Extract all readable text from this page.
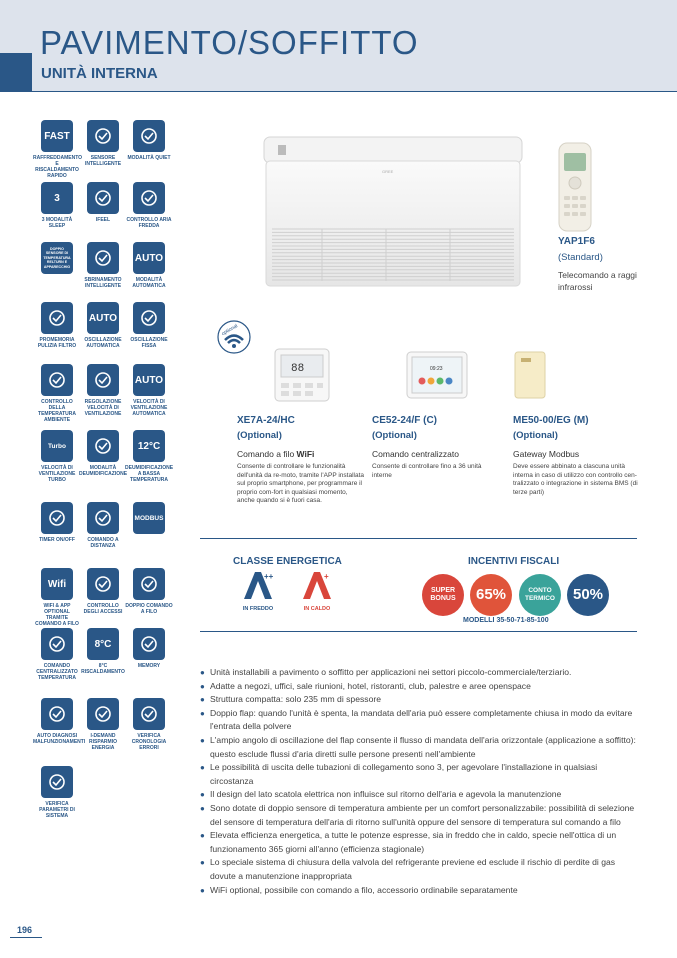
PAVIMENTO/SOFFITTO
UNITÀ INTERNA
FAST
RAFFREDDAMENTO E RISCALDAMENTO RAPIDO
SENSORE INTELLIGENTE
MODALITÀ QUIET
3
3 MODALITÀ SLEEP
IFEEL	CONTROLLO ARIA FREDDA
DOPPIO SENSORE DI TEMPERATURA RELTURN E APPARECCHIO
SBRINAMENTO INTELLIGENTE
AUTO
MODALITÀ AUTOMATICA
PROMEMORIA PULIZIA FILTRO
AUTO
OSCILLAZIONE AUTOMATICA
OSCILLAZIONE FISSA
CONTROLLO DELLA TEMPERATURA AMBIENTE
REGOLAZIONE VELOCITÀ DI VENTILAZIONE
AUTO
VELOCITÀ DI VENTILAZIONE AUTOMATICA
Turbo
VELOCITÀ DI VENTILAZIONE TURBO
MODALITÀ DEUMIDIFICAZIONE
12°C
DEUMIDIFICAZIONE A BASSA TEMPERATURA
TIMER ON/OFF	COMANDO A DISTANZA
MODBUS
Wifi
WIFI & APP OPTIONAL TRAMITE COMANDO A FILO
CONTROLLO DEGLI ACCESSI
DOPPIO COMANDO A FILO
COMANDO CENTRALIZZATO TEMPERATURA
8°C
8°C RISCALDAMENTO
MEMORY
AUTO DIAGNOSI MALFUNZIONAMENTI
I-DEMAND RISPARMIO ENERGIA
VERIFICA CRONOLOGIA ERRORI
VERIFICA PARAMETRI DI SISTEMA
GREE
YAP1F6
(Standard)
Telecomando a raggi infrarossi
optional
88
XE7A-24/HC
(Optional)
Comando a filo WiFi
Consente di controllare le funzionalità dell'unità da re-moto, tramite l'APP installata sul proprio smartphone, per programmare il proprio com-fort in qualsiasi momento, anche quando si è fuori casa.
09:23
CE52-24/F (C)
(Optional)
Comando centralizzato
Consente di controllare fino a 36 unità interne
ME50-00/EG (M)
(Optional)
Gateway Modbus
Deve essere abbinato a clascuna unità interna in caso di utilizzo con controllo cen-tralizzato o integrazione in sistema BMS (di terze parti)
CLASSE ENERGETICA	INCENTIVI FISCALI
++
IN FREDDO
+
IN CALDO
SUPER BONUS	65%	CONTO TERMICO	50%
MODELLI 35-50-71-85-100
● Unità installabili a pavimento o soffitto per applicazioni nei settori piccolo-commerciale/terziario.
● Adatte a negozi, uffici, sale riunioni, hotel, ristoranti, club, palestre e aree openspace
● Struttura compatta: solo 235 mm di spessore
● Doppio flap: quando l'unità è spenta, la mandata dell'aria può essere completamente chiusa in modo da evitare l'entrata della polvere
● L'ampio angolo di oscillazione del flap consente il flusso di mandata dell'aria orizzontale (applicazione a soffitto): questo esclude flussi d'aria diretti sulle persone presenti nell'ambiente
● Le possibilità di uscita delle tubazioni di collegamento sono 3, per agevolare l'installazione in qualsiasi circostanza
● Il design del lato scatola elettrica non influisce sul ritorno dell'aria e agevola la manutenzione
● Sono dotate di doppio sensore di temperatura ambiente per un comfort personalizzabile: possibilità di selezione del sensore di temperatura dell'aria di ritorno sull'unità oppure del sensore di temperatura sul comando a filo
● Elevata efficienza energetica, a tutte le potenze espresse, sia in freddo che in caldo, specie nell'ottica di un funzionamento 365 giorni all'anno (efficienza stagionale)
● Lo speciale sistema di chiusura della valvola del refrigerante previene ed esclude il rischio di perdite di gas dovute a manutenzione inappropriata
● WiFi optional, possibile con comando a filo, accessorio ordinabile separatamente
196
